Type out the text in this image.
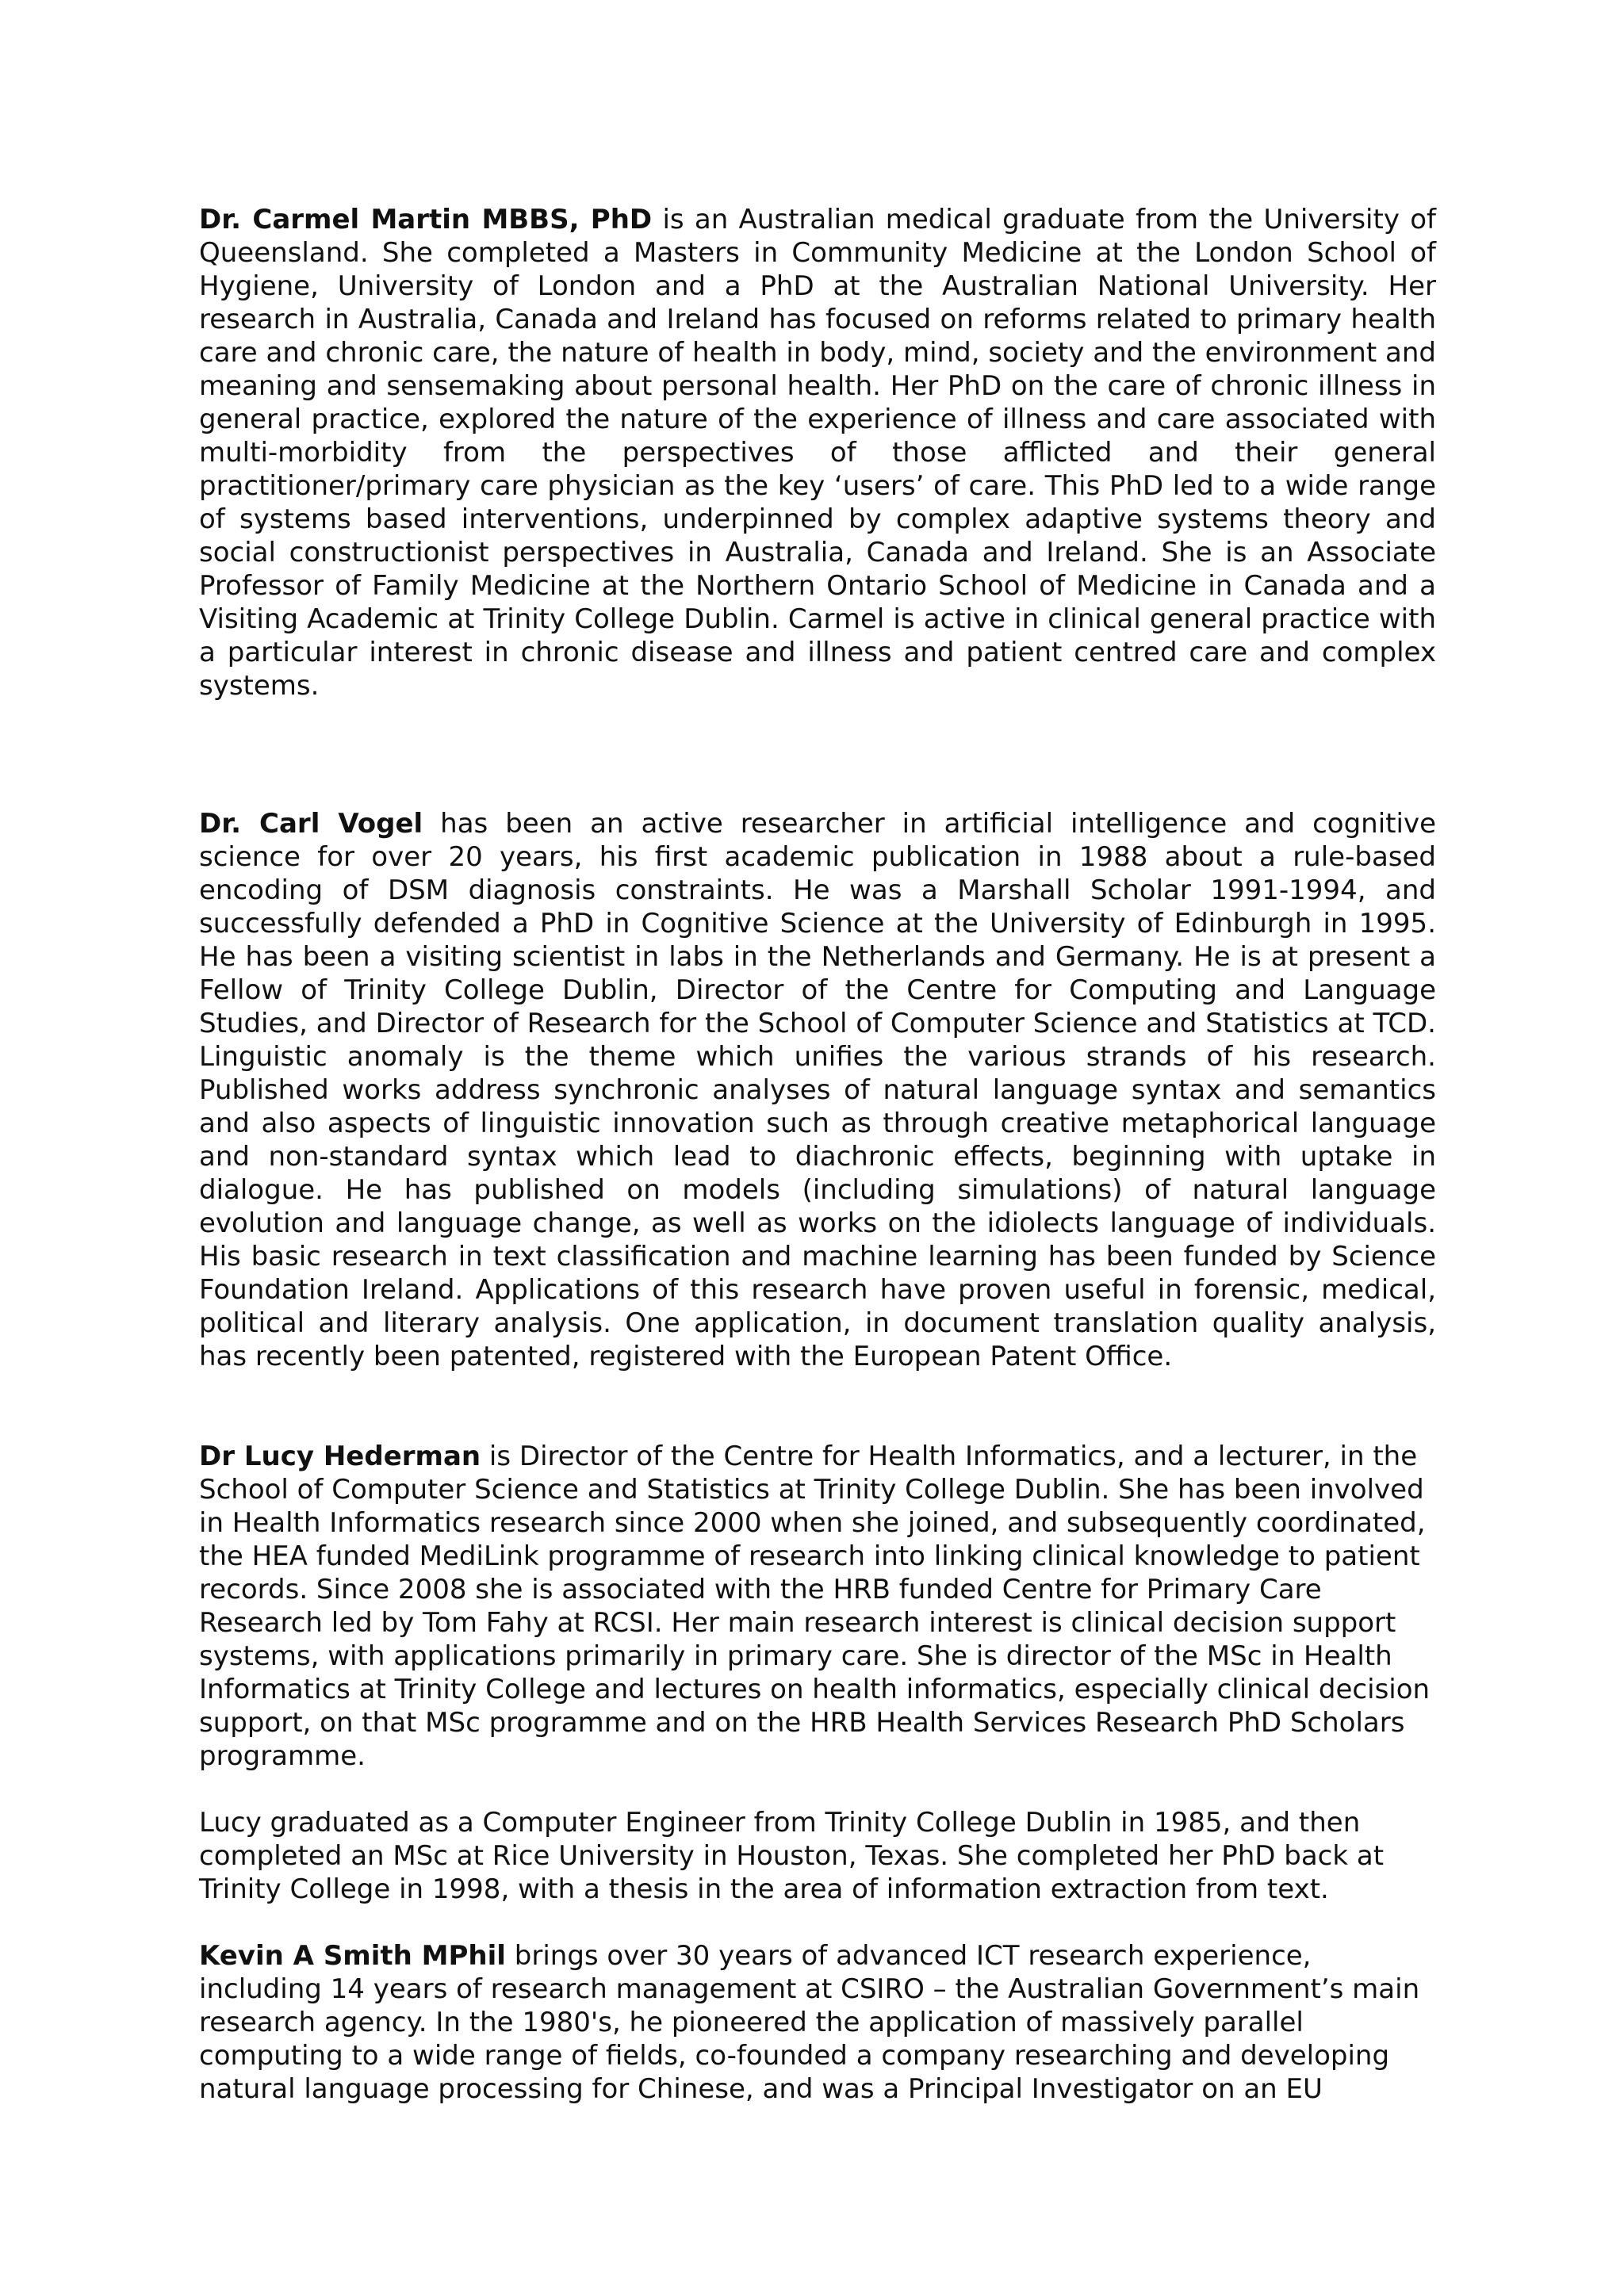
Dr. Carmel Martin MBBS, PhD is an Australian medical graduate from the University of Queensland. She completed a Masters in Community Medicine at the London School of Hygiene, University of London and a PhD at the Australian National University. Her research in Australia, Canada and Ireland has focused on reforms related to primary health care and chronic care, the nature of health in body, mind, society and the environment and meaning and sensemaking about personal health. Her PhD on the care of chronic illness in general practice, explored the nature of the experience of illness and care associated with multi-morbidity from the perspectives of those afflicted and their general practitioner/primary care physician as the key ‘users’ of care. This PhD led to a wide range of systems based interventions, underpinned by complex adaptive systems theory and social constructionist perspectives in Australia, Canada and Ireland. She is an Associate Professor of Family Medicine at the Northern Ontario School of Medicine in Canada and a Visiting Academic at Trinity College Dublin. Carmel is active in clinical general practice with a particular interest in chronic disease and illness and patient centred care and complex systems.

Dr. Carl Vogel has been an active researcher in artificial intelligence and cognitive science for over 20 years, his first academic publication in 1988 about a rule-based encoding of DSM diagnosis constraints. He was a Marshall Scholar 1991-1994, and successfully defended a PhD in Cognitive Science at the University of Edinburgh in 1995. He has been a visiting scientist in labs in the Netherlands and Germany. He is at present a Fellow of Trinity College Dublin, Director of the Centre for Computing and Language Studies, and Director of Research for the School of Computer Science and Statistics at TCD. Linguistic anomaly is the theme which unifies the various strands of his research. Published works address synchronic analyses of natural language syntax and semantics and also aspects of linguistic innovation such as through creative metaphorical language and non-standard syntax which lead to diachronic effects, beginning with uptake in dialogue. He has published on models (including simulations) of natural language evolution and language change, as well as works on the idiolects language of individuals. His basic research in text classification and machine learning has been funded by Science Foundation Ireland. Applications of this research have proven useful in forensic, medical, political and literary analysis. One application, in document translation quality analysis, has recently been patented, registered with the European Patent Office.

Dr Lucy Hederman is Director of the Centre for Health Informatics, and a lecturer, in the School of Computer Science and Statistics at Trinity College Dublin. She has been involved in Health Informatics research since 2000 when she joined, and subsequently coordinated, the HEA funded MediLink programme of research into linking clinical knowledge to patient records. Since 2008 she is associated with the HRB funded Centre for Primary Care Research led by Tom Fahy at RCSI. Her main research interest is clinical decision support systems, with applications primarily in primary care. She is director of the MSc in Health Informatics at Trinity College and lectures on health informatics, especially clinical decision support, on that MSc programme and on the HRB Health Services Research PhD Scholars programme.

Lucy graduated as a Computer Engineer from Trinity College Dublin in 1985, and then completed an MSc at Rice University in Houston, Texas. She completed her PhD back at Trinity College in 1998, with a thesis in the area of information extraction from text.

Kevin A Smith MPhil brings over 30 years of advanced ICT research experience, including 14 years of research management at CSIRO – the Australian Government’s main research agency. In the 1980's, he pioneered the application of massively parallel computing to a wide range of fields, co-founded a company researching and developing natural language processing for Chinese, and was a Principal Investigator on an EU
